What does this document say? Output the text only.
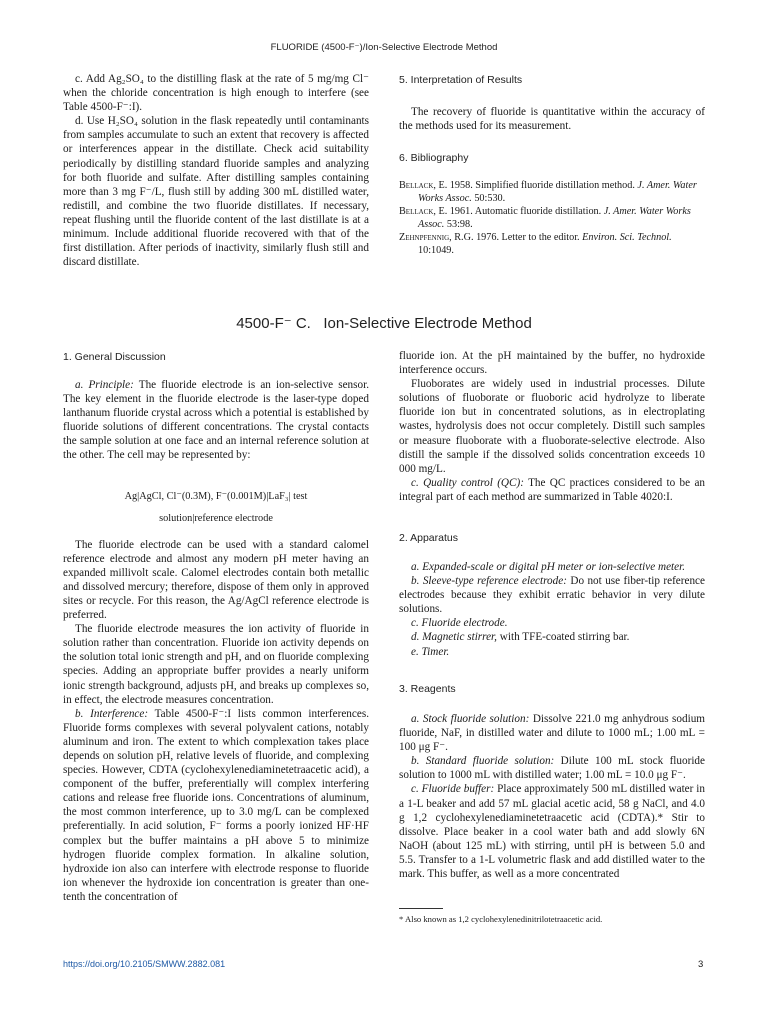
FLUORIDE (4500-F⁻)/Ion-Selective Electrode Method

c. Add Ag₂SO₄ to the distilling flask at the rate of 5 mg/mg Cl⁻ when the chloride concentration is high enough to interfere (see Table 4500-F⁻:I).

d. Use H₂SO₄ solution in the flask repeatedly until contaminants from samples accumulate to such an extent that recovery is affected or interferences appear in the distillate. Check acid suitability periodically by distilling standard fluoride samples and analyzing for both fluoride and sulfate. After distilling samples containing more than 3 mg F⁻/L, flush still by adding 300 mL distilled water, redistill, and combine the two fluoride distillates. If necessary, repeat flushing until the fluoride content of the last distillate is at a minimum. Include additional fluoride recovered with that of the first distillation. After periods of inactivity, similarly flush still and discard distillate.

5. Interpretation of Results

The recovery of fluoride is quantitative within the accuracy of the methods used for its measurement.

6. Bibliography

Bellack, E. 1958. Simplified fluoride distillation method. J. Amer. Water Works Assoc. 50:530.

Bellack, E. 1961. Automatic fluoride distillation. J. Amer. Water Works Assoc. 53:98.

Zehnpfennig, R.G. 1976. Letter to the editor. Environ. Sci. Technol. 10:1049.

4500-F⁻ C.   Ion-Selective Electrode Method
1. General Discussion

a. Principle: The fluoride electrode is an ion-selective sensor. The key element in the fluoride electrode is the laser-type doped lanthanum fluoride crystal across which a potential is established by fluoride solutions of different concentrations. The crystal contacts the sample solution at one face and an internal reference solution at the other. The cell may be represented by:

Ag|AgCl, Cl⁻(0.3M), F⁻(0.001M)|LaF₃| test
solution|reference electrode

The fluoride electrode can be used with a standard calomel reference electrode and almost any modern pH meter having an expanded millivolt scale. Calomel electrodes contain both metallic and dissolved mercury; therefore, dispose of them only in approved sites or recycle. For this reason, the Ag/AgCl reference electrode is preferred.

The fluoride electrode measures the ion activity of fluoride in solution rather than concentration. Fluoride ion activity depends on the solution total ionic strength and pH, and on fluoride complexing species. Adding an appropriate buffer provides a nearly uniform ionic strength background, adjusts pH, and breaks up complexes so, in effect, the electrode measures concentration.

b. Interference: Table 4500-F⁻:I lists common interferences. Fluoride forms complexes with several polyvalent cations, notably aluminum and iron. The extent to which complexation takes place depends on solution pH, relative levels of fluoride, and complexing species. However, CDTA (cyclohexylenediaminetetraacetic acid), a component of the buffer, preferentially will complex interfering cations and release free fluoride ions. Concentrations of aluminum, the most common interference, up to 3.0 mg/L can be complexed preferentially. In acid solution, F⁻ forms a poorly ionized HF·HF complex but the buffer maintains a pH above 5 to minimize hydrogen fluoride complex formation. In alkaline solution, hydroxide ion also can interfere with electrode response to fluoride ion whenever the hydroxide ion concentration is greater than one-tenth the concentration of

fluoride ion. At the pH maintained by the buffer, no hydroxide interference occurs.

Fluoborates are widely used in industrial processes. Dilute solutions of fluoborate or fluoboric acid hydrolyze to liberate fluoride ion but in concentrated solutions, as in electroplating wastes, hydrolysis does not occur completely. Distill such samples or measure fluoborate with a fluoborate-selective electrode. Also distill the sample if the dissolved solids concentration exceeds 10 000 mg/L.

c. Quality control (QC): The QC practices considered to be an integral part of each method are summarized in Table 4020:I.

2. Apparatus

a. Expanded-scale or digital pH meter or ion-selective meter.

b. Sleeve-type reference electrode: Do not use fiber-tip reference electrodes because they exhibit erratic behavior in very dilute solutions.

c. Fluoride electrode.

d. Magnetic stirrer, with TFE-coated stirring bar.

e. Timer.

3. Reagents

a. Stock fluoride solution: Dissolve 221.0 mg anhydrous sodium fluoride, NaF, in distilled water and dilute to 1000 mL; 1.00 mL = 100 μg F⁻.

b. Standard fluoride solution: Dilute 100 mL stock fluoride solution to 1000 mL with distilled water; 1.00 mL = 10.0 μg F⁻.

c. Fluoride buffer: Place approximately 500 mL distilled water in a 1-L beaker and add 57 mL glacial acetic acid, 58 g NaCl, and 4.0 g 1,2 cyclohexylenediaminetetraacetic acid (CDTA).* Stir to dissolve. Place beaker in a cool water bath and add slowly 6N NaOH (about 125 mL) with stirring, until pH is between 5.0 and 5.5. Transfer to a 1-L volumetric flask and add distilled water to the mark. This buffer, as well as a more concentrated

* Also known as 1,2 cyclohexylenedinitrilotetraacetic acid.
https://doi.org/10.2105/SMWW.2882.081	3
